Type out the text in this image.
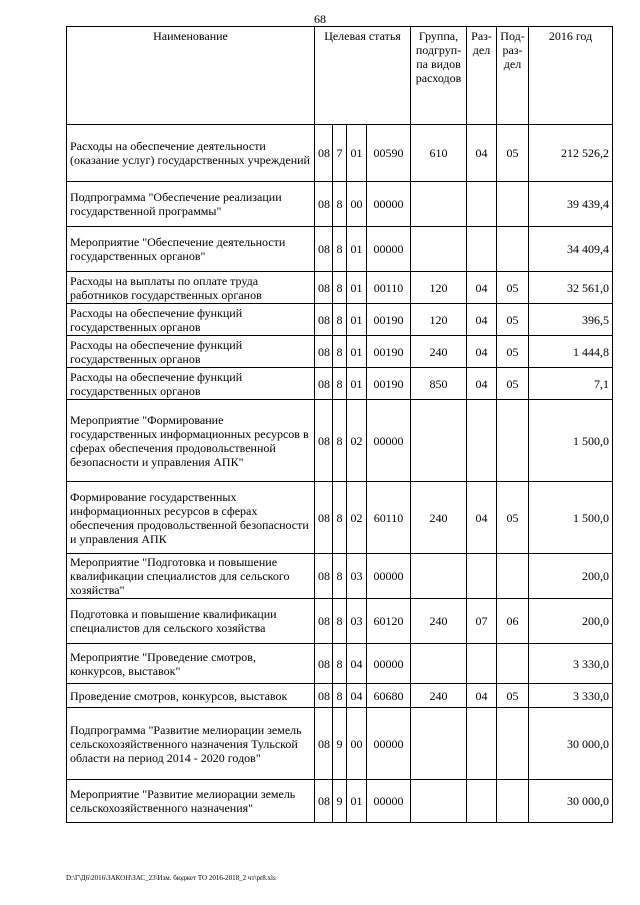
68
Наименование	Целевая статья				Группа, подгруп-па видов расходов	Раз-дел	Под-раз-дел	2016 год
Расходы на обеспечение деятельности (оказание услуг) государственных учреждений	08	7	01	00590	610	04	05	212 526,2
Подпрограмма "Обеспечение реализации государственной программы"	08	8	00	00000				39 439,4
Мероприятие "Обеспечение деятельности государственных органов"	08	8	01	00000				34 409,4
Расходы на выплаты по оплате труда работников государственных органов	08	8	01	00110	120	04	05	32 561,0
Расходы на обеспечение функций государственных органов	08	8	01	00190	120	04	05	396,5
Расходы на обеспечение функций государственных органов	08	8	01	00190	240	04	05	1 444,8
Расходы на обеспечение функций государственных органов	08	8	01	00190	850	04	05	7,1
Мероприятие "Формирование государственных информационных ресурсов в сферах обеспечения продовольственной безопасности и управления АПК"	08	8	02	00000				1 500,0
Формирование государственных информационных ресурсов в сферах обеспечения продовольственной безопасности и управления АПК	08	8	02	60110	240	04	05	1 500,0
Мероприятие "Подготовка и повышение квалификации специалистов для сельского хозяйства"	08	8	03	00000				200,0
Подготовка и повышение квалификации специалистов для сельского хозяйства	08	8	03	60120	240	07	06	200,0
Мероприятие "Проведение смотров, конкурсов, выставок"	08	8	04	00000				3 330,0
Проведение смотров, конкурсов, выставок	08	8	04	60680	240	04	05	3 330,0
Подпрограмма "Развитие мелиорации земель сельскохозяйственного назначения Тульской области на период 2014 - 2020 годов"	08	9	00	00000				30 000,0
Мероприятие "Развитие мелиорации земель сельскохозяйственного назначения"	08	9	01	00000				30 000,0
D:\Г\Д6\2016\ЗАКОН\ЗАС_23\Изм. бюджет ТО 2016-2018_2 чт\pr8.xls
